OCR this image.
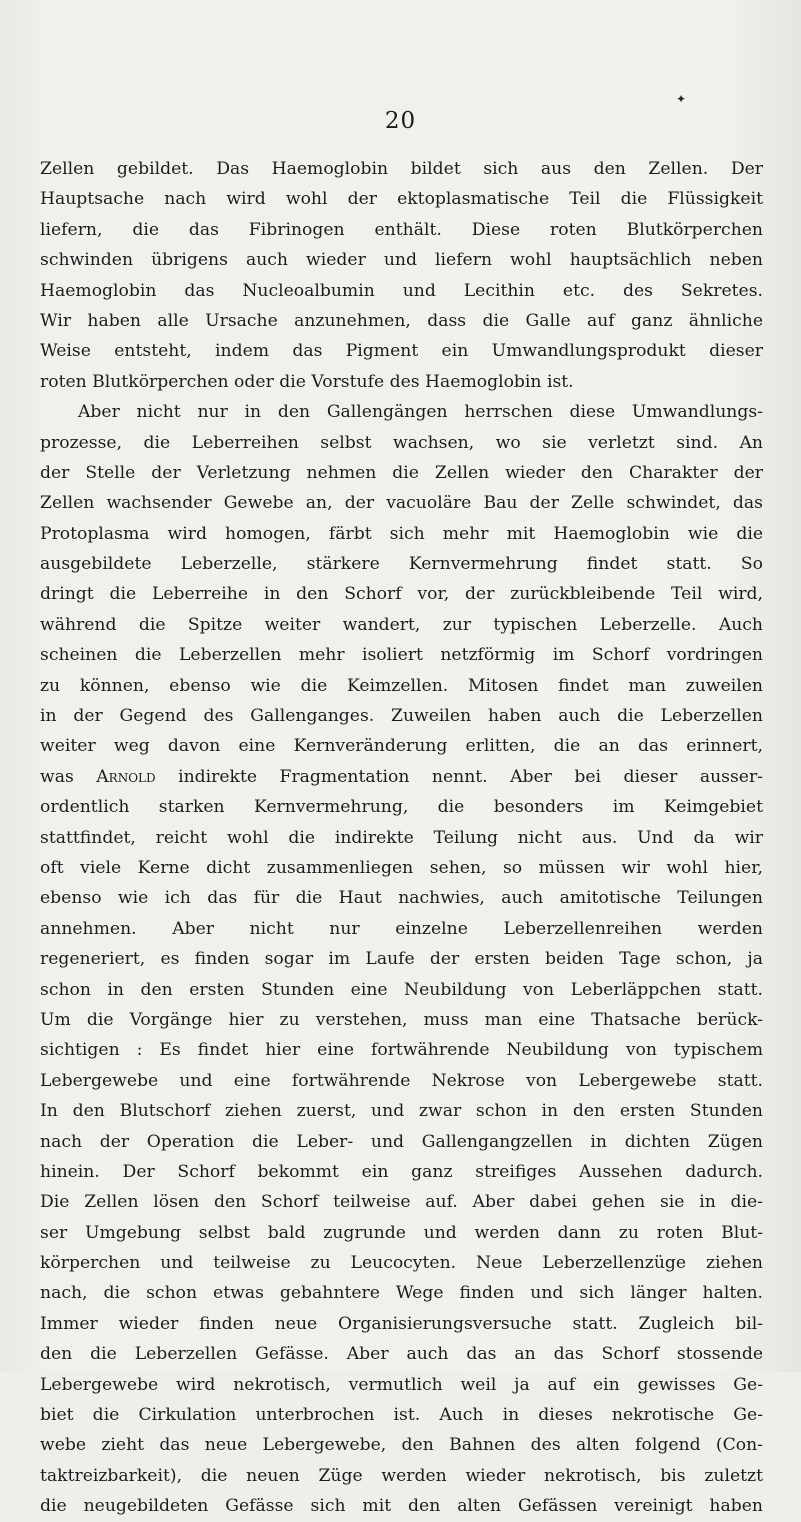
✦
20
Zellen gebildet. Das Haemoglobin bildet sich aus den Zellen. Der
Hauptsache nach wird wohl der ektoplasmatische Teil die Flüssigkeit
liefern, die das Fibrinogen enthält. Diese roten Blutkörperchen
schwinden übrigens auch wieder und liefern wohl hauptsächlich neben
Haemoglobin das Nucleoalbumin und Lecithin etc. des Sekretes.
Wir haben alle Ursache anzunehmen, dass die Galle auf ganz ähnliche
Weise entsteht, indem das Pigment ein Umwandlungsprodukt dieser
roten Blutkörperchen oder die Vorstufe des Haemoglobin ist.
Aber nicht nur in den Gallengängen herrschen diese Umwandlungs-
prozesse, die Leberreihen selbst wachsen, wo sie verletzt sind. An
der Stelle der Verletzung nehmen die Zellen wieder den Charakter der
Zellen wachsender Gewebe an, der vacuoläre Bau der Zelle schwindet, das
Protoplasma wird homogen, färbt sich mehr mit Haemoglobin wie die
ausgebildete Leberzelle, stärkere Kernvermehrung findet statt. So
dringt die Leberreihe in den Schorf vor, der zurückbleibende Teil wird,
während die Spitze weiter wandert, zur typischen Leberzelle. Auch
scheinen die Leberzellen mehr isoliert netzförmig im Schorf vordringen
zu können, ebenso wie die Keimzellen. Mitosen findet man zuweilen
in der Gegend des Gallenganges. Zuweilen haben auch die Leberzellen
weiter weg davon eine Kernveränderung erlitten, die an das erinnert,
was Arnold indirekte Fragmentation nennt. Aber bei dieser ausser-
ordentlich starken Kernvermehrung, die besonders im Keimgebiet
stattfindet, reicht wohl die indirekte Teilung nicht aus. Und da wir
oft viele Kerne dicht zusammenliegen sehen, so müssen wir wohl hier,
ebenso wie ich das für die Haut nachwies, auch amitotische Teilungen
annehmen. Aber nicht nur einzelne Leberzellenreihen werden
regeneriert, es finden sogar im Laufe der ersten beiden Tage schon, ja
schon in den ersten Stunden eine Neubildung von Leberläppchen statt.
Um die Vorgänge hier zu verstehen, muss man eine Thatsache berück-
sichtigen : Es findet hier eine fortwährende Neubildung von typischem
Lebergewebe und eine fortwährende Nekrose von Lebergewebe statt.
In den Blutschorf ziehen zuerst, und zwar schon in den ersten Stunden
nach der Operation die Leber- und Gallengangzellen in dichten Zügen
hinein. Der Schorf bekommt ein ganz streifiges Aussehen dadurch.
Die Zellen lösen den Schorf teilweise auf. Aber dabei gehen sie in die-
ser Umgebung selbst bald zugrunde und werden dann zu roten Blut-
körperchen und teilweise zu Leucocyten. Neue Leberzellenzüge ziehen
nach, die schon etwas gebahntere Wege finden und sich länger halten.
Immer wieder finden neue Organisierungsversuche statt. Zugleich bil-
den die Leberzellen Gefässe. Aber auch das an das Schorf stossende
Lebergewebe wird nekrotisch, vermutlich weil ja auf ein gewisses Ge-
biet die Cirkulation unterbrochen ist. Auch in dieses nekrotische Ge-
webe zieht das neue Lebergewebe, den Bahnen des alten folgend (Con-
taktreizbarkeit), die neuen Züge werden wieder nekrotisch, bis zuletzt
die neugebildeten Gefässe sich mit den alten Gefässen vereinigt haben
